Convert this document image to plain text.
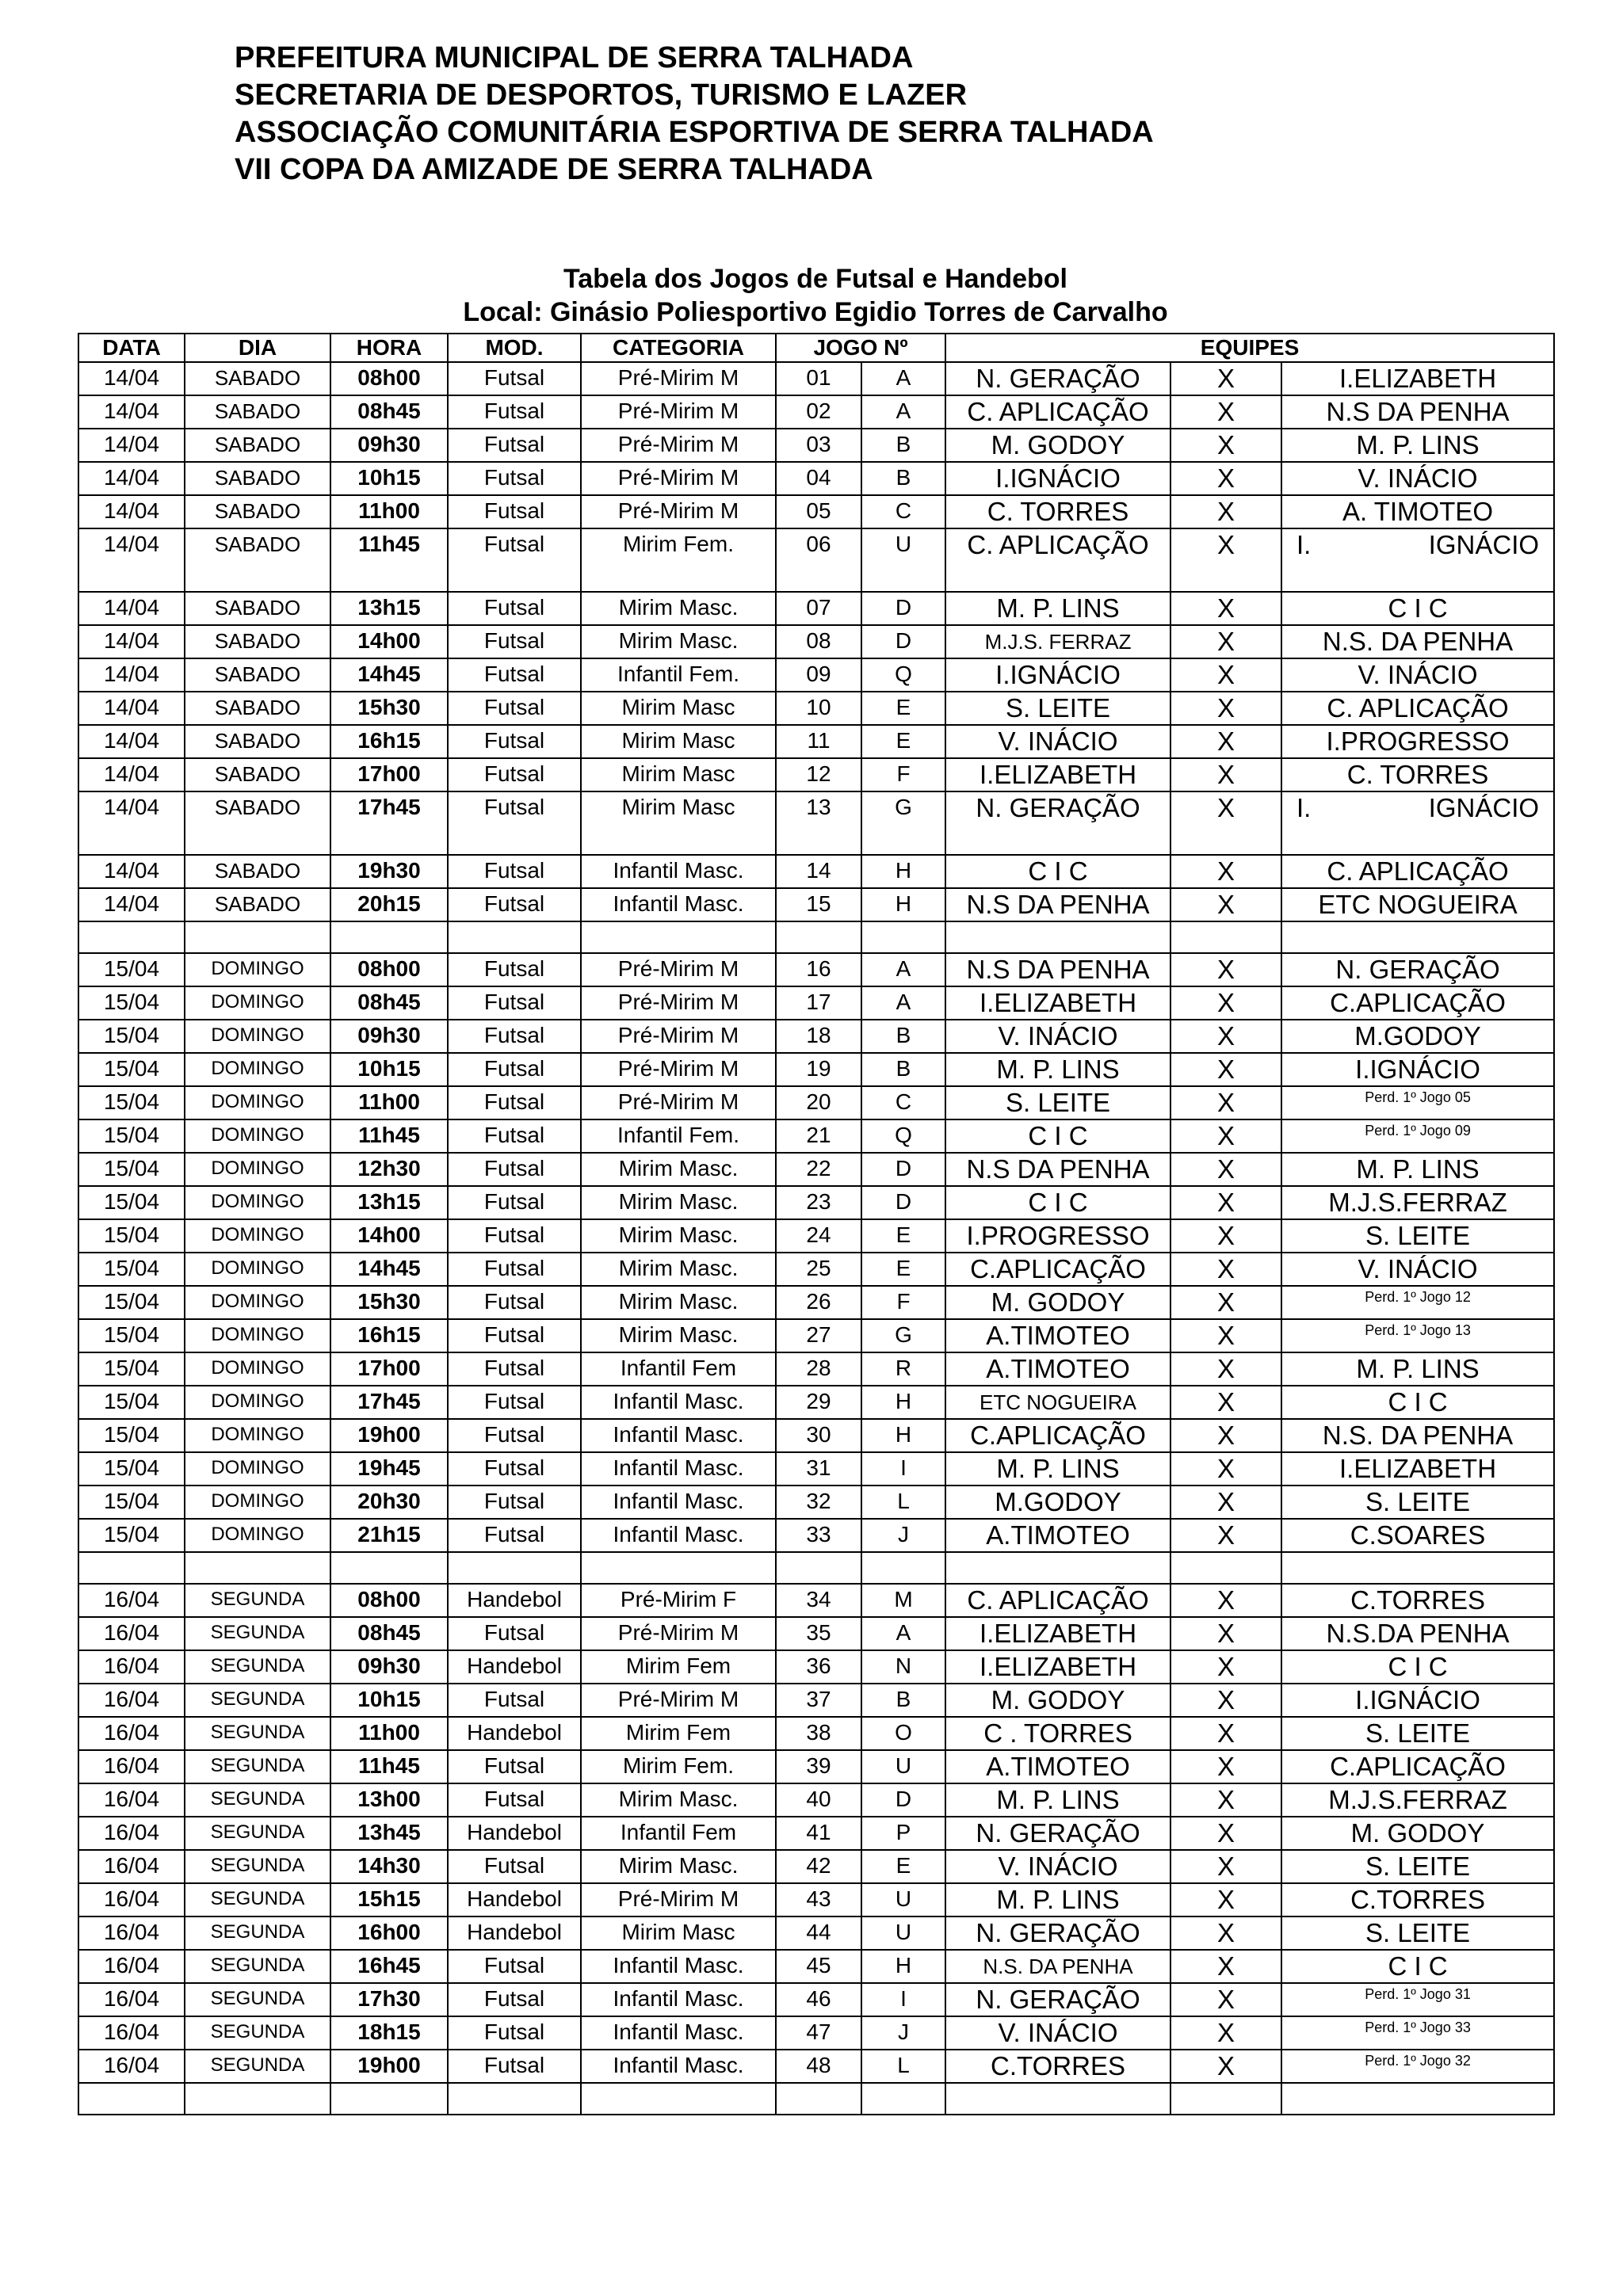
PREFEITURA MUNICIPAL DE SERRA TALHADA
SECRETARIA DE DESPORTOS, TURISMO E LAZER
ASSOCIAÇÃO COMUNITÁRIA ESPORTIVA DE SERRA TALHADA
VII COPA DA AMIZADE DE SERRA TALHADA
Tabela dos Jogos de Futsal e Handebol
Local: Ginásio Poliesportivo Egidio Torres de Carvalho
DATA	DIA	HORA	MOD.	CATEGORIA	JOGO Nº		EQUIPES		
14/04	SABADO	08h00	Futsal	Pré-Mirim M	01	A	N. GERAÇÃO	X	I.ELIZABETH
14/04	SABADO	08h45	Futsal	Pré-Mirim M	02	A	C. APLICAÇÃO	X	N.S DA PENHA
14/04	SABADO	09h30	Futsal	Pré-Mirim M	03	B	M. GODOY	X	M. P. LINS
14/04	SABADO	10h15	Futsal	Pré-Mirim M	04	B	I.IGNÁCIO	X	V. INÁCIO
14/04	SABADO	11h00	Futsal	Pré-Mirim M	05	C	C. TORRES	X	A. TIMOTEO
14/04	SABADO	11h45	Futsal	Mirim Fem.	06	U	C. APLICAÇÃO	X	I. IGNÁCIO
14/04	SABADO	13h15	Futsal	Mirim Masc.	07	D	M. P. LINS	X	C I C
14/04	SABADO	14h00	Futsal	Mirim Masc.	08	D	M.J.S. FERRAZ	X	N.S. DA PENHA
14/04	SABADO	14h45	Futsal	Infantil Fem.	09	Q	I.IGNÁCIO	X	V. INÁCIO
14/04	SABADO	15h30	Futsal	Mirim Masc	10	E	S. LEITE	X	C. APLICAÇÃO
14/04	SABADO	16h15	Futsal	Mirim Masc	11	E	V. INÁCIO	X	I.PROGRESSO
14/04	SABADO	17h00	Futsal	Mirim Masc	12	F	I.ELIZABETH	X	C. TORRES
14/04	SABADO	17h45	Futsal	Mirim Masc	13	G	N. GERAÇÃO	X	I. IGNÁCIO
14/04	SABADO	19h30	Futsal	Infantil Masc.	14	H	C I C	X	C. APLICAÇÃO
14/04	SABADO	20h15	Futsal	Infantil Masc.	15	H	N.S DA PENHA	X	ETC NOGUEIRA

15/04	DOMINGO	08h00	Futsal	Pré-Mirim M	16	A	N.S DA PENHA	X	N. GERAÇÃO
15/04	DOMINGO	08h45	Futsal	Pré-Mirim M	17	A	I.ELIZABETH	X	C.APLICAÇÃO
15/04	DOMINGO	09h30	Futsal	Pré-Mirim M	18	B	V. INÁCIO	X	M.GODOY
15/04	DOMINGO	10h15	Futsal	Pré-Mirim M	19	B	M. P. LINS	X	I.IGNÁCIO
15/04	DOMINGO	11h00	Futsal	Pré-Mirim M	20	C	S. LEITE	X	Perd. 1º Jogo 05
15/04	DOMINGO	11h45	Futsal	Infantil Fem.	21	Q	C I C	X	Perd. 1º Jogo 09
15/04	DOMINGO	12h30	Futsal	Mirim Masc.	22	D	N.S DA PENHA	X	M. P. LINS
15/04	DOMINGO	13h15	Futsal	Mirim Masc.	23	D	C I C	X	M.J.S.FERRAZ
15/04	DOMINGO	14h00	Futsal	Mirim Masc.	24	E	I.PROGRESSO	X	S. LEITE
15/04	DOMINGO	14h45	Futsal	Mirim Masc.	25	E	C.APLICAÇÃO	X	V. INÁCIO
15/04	DOMINGO	15h30	Futsal	Mirim Masc.	26	F	M. GODOY	X	Perd. 1º Jogo 12
15/04	DOMINGO	16h15	Futsal	Mirim Masc.	27	G	A.TIMOTEO	X	Perd. 1º Jogo 13
15/04	DOMINGO	17h00	Futsal	Infantil Fem	28	R	A.TIMOTEO	X	M. P. LINS
15/04	DOMINGO	17h45	Futsal	Infantil Masc.	29	H	ETC NOGUEIRA	X	C I C
15/04	DOMINGO	19h00	Futsal	Infantil Masc.	30	H	C.APLICAÇÃO	X	N.S. DA PENHA
15/04	DOMINGO	19h45	Futsal	Infantil Masc.	31	I	M. P. LINS	X	I.ELIZABETH
15/04	DOMINGO	20h30	Futsal	Infantil Masc.	32	L	M.GODOY	X	S. LEITE
15/04	DOMINGO	21h15	Futsal	Infantil Masc.	33	J	A.TIMOTEO	X	C.SOARES

16/04	SEGUNDA	08h00	Handebol	Pré-Mirim F	34	M	C. APLICAÇÃO	X	C.TORRES
16/04	SEGUNDA	08h45	Futsal	Pré-Mirim M	35	A	I.ELIZABETH	X	N.S.DA PENHA
16/04	SEGUNDA	09h30	Handebol	Mirim Fem	36	N	I.ELIZABETH	X	C I C
16/04	SEGUNDA	10h15	Futsal	Pré-Mirim M	37	B	M. GODOY	X	I.IGNÁCIO
16/04	SEGUNDA	11h00	Handebol	Mirim Fem	38	O	C . TORRES	X	S. LEITE
16/04	SEGUNDA	11h45	Futsal	Mirim Fem.	39	U	A.TIMOTEO	X	C.APLICAÇÃO
16/04	SEGUNDA	13h00	Futsal	Mirim Masc.	40	D	M. P. LINS	X	M.J.S.FERRAZ
16/04	SEGUNDA	13h45	Handebol	Infantil Fem	41	P	N. GERAÇÃO	X	M. GODOY
16/04	SEGUNDA	14h30	Futsal	Mirim Masc.	42	E	V. INÁCIO	X	S. LEITE
16/04	SEGUNDA	15h15	Handebol	Pré-Mirim M	43	U	M. P. LINS	X	C.TORRES
16/04	SEGUNDA	16h00	Handebol	Mirim Masc	44	U	N. GERAÇÃO	X	S. LEITE
16/04	SEGUNDA	16h45	Futsal	Infantil Masc.	45	H	N.S. DA PENHA	X	C I C
16/04	SEGUNDA	17h30	Futsal	Infantil Masc.	46	I	N. GERAÇÃO	X	Perd. 1º Jogo 31
16/04	SEGUNDA	18h15	Futsal	Infantil Masc.	47	J	V. INÁCIO	X	Perd. 1º Jogo 33
16/04	SEGUNDA	19h00	Futsal	Infantil Masc.	48	L	C.TORRES	X	Perd. 1º Jogo 32
